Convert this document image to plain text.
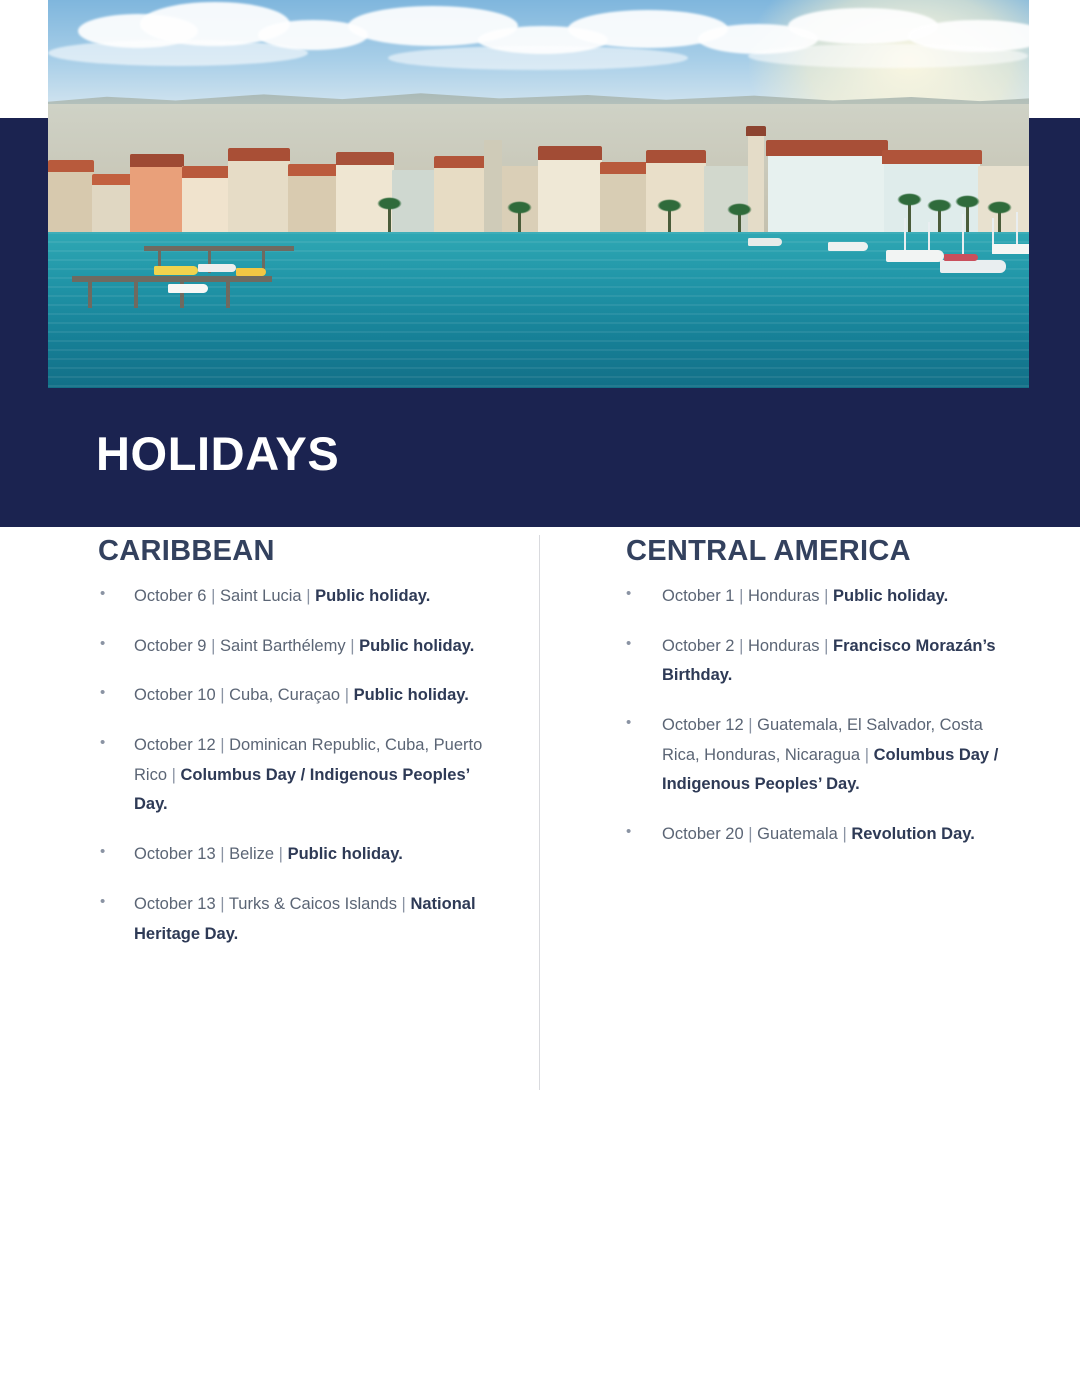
HOLIDAYS
CARIBBEAN
• October 6 | Saint Lucia | Public holiday.
• October 9 | Saint Barthélemy | Public holiday.
• October 10 | Cuba, Curaçao | Public holiday.
• October 12 | Dominican Republic, Cuba, Puerto Rico | Columbus Day / Indigenous Peoples’ Day.
• October 13 | Belize | Public holiday.
• October 13 | Turks & Caicos Islands | National Heritage Day.
CENTRAL AMERICA
• October 1 | Honduras | Public holiday.
• October 2 | Honduras | Francisco Morazán’s Birthday.
• October 12 | Guatemala, El Salvador, Costa Rica, Honduras, Nicaragua | Columbus Day / Indigenous Peoples’ Day.
• October 20 | Guatemala | Revolution Day.
